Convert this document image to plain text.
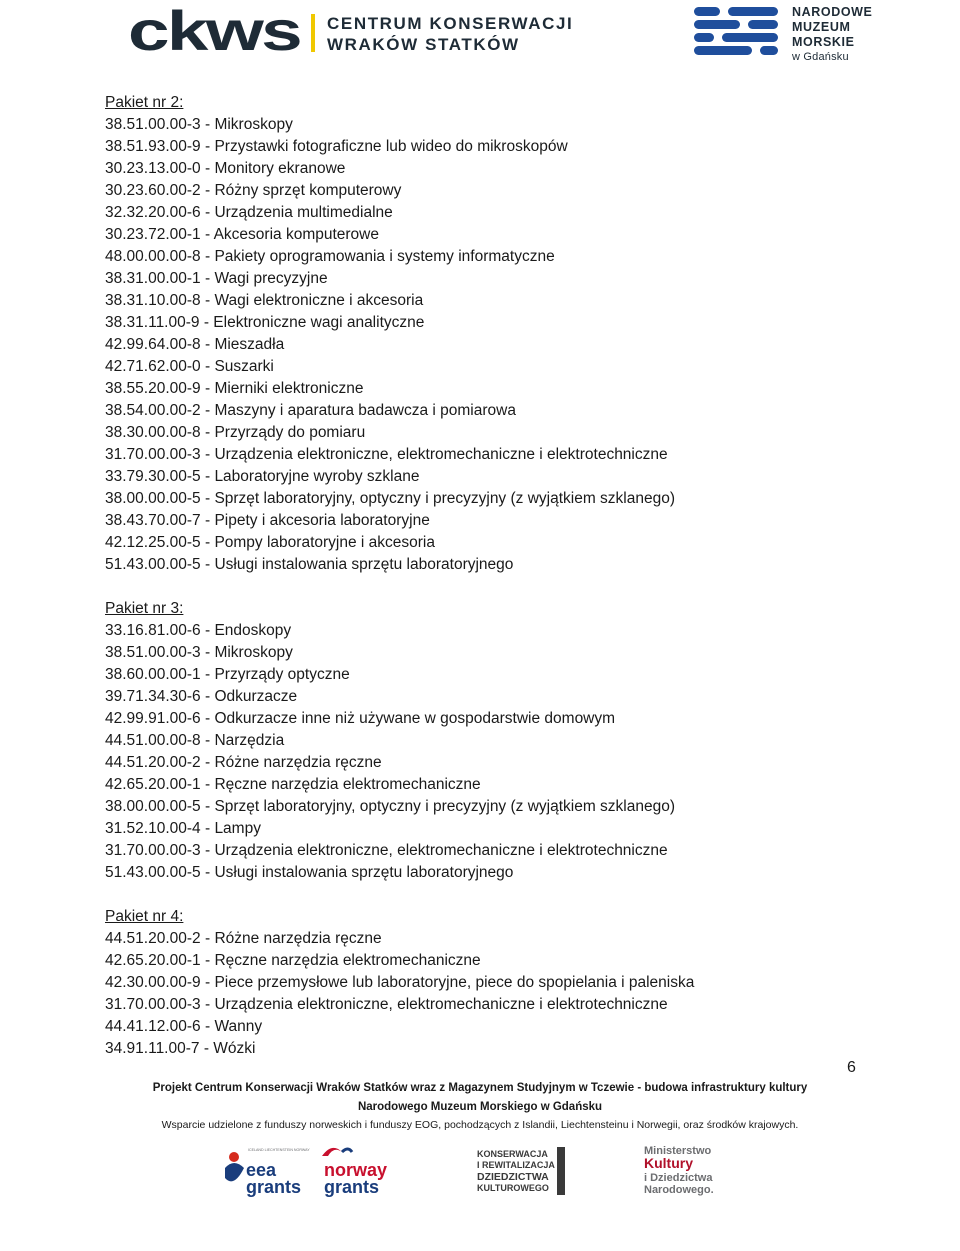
ckws CENTRUM KONSERWACJI
WRAKÓW STATKÓW
NARODOWE
MUZEUM
MORSKIE
w Gdańsku
Pakiet nr 2:
38.51.00.00-3 - Mikroskopy
38.51.93.00-9 - Przystawki fotograficzne lub wideo do mikroskopów
30.23.13.00-0 - Monitory ekranowe
30.23.60.00-2 - Różny sprzęt komputerowy
32.32.20.00-6 - Urządzenia multimedialne
30.23.72.00-1 - Akcesoria komputerowe
48.00.00.00-8 - Pakiety oprogramowania i systemy informatyczne
38.31.00.00-1 - Wagi precyzyjne
38.31.10.00-8 - Wagi elektroniczne i akcesoria
38.31.11.00-9 - Elektroniczne wagi analityczne
42.99.64.00-8 - Mieszadła
42.71.62.00-0 - Suszarki
38.55.20.00-9 - Mierniki elektroniczne
38.54.00.00-2 - Maszyny i aparatura badawcza i pomiarowa
38.30.00.00-8 - Przyrządy do pomiaru
31.70.00.00-3 - Urządzenia elektroniczne, elektromechaniczne i elektrotechniczne
33.79.30.00-5 - Laboratoryjne wyroby szklane
38.00.00.00-5 - Sprzęt laboratoryjny, optyczny i precyzyjny (z wyjątkiem szklanego)
38.43.70.00-7 - Pipety i akcesoria laboratoryjne
42.12.25.00-5 - Pompy laboratoryjne i akcesoria
51.43.00.00-5 - Usługi instalowania sprzętu laboratoryjnego
Pakiet nr 3:
33.16.81.00-6 - Endoskopy
38.51.00.00-3 - Mikroskopy
38.60.00.00-1 - Przyrządy optyczne
39.71.34.30-6 - Odkurzacze
42.99.91.00-6 - Odkurzacze inne niż używane w gospodarstwie domowym
44.51.00.00-8 - Narzędzia
44.51.20.00-2 - Różne narzędzia ręczne
42.65.20.00-1 - Ręczne narzędzia elektromechaniczne
38.00.00.00-5 - Sprzęt laboratoryjny, optyczny i precyzyjny (z wyjątkiem szklanego)
31.52.10.00-4 - Lampy
31.70.00.00-3 - Urządzenia elektroniczne, elektromechaniczne i elektrotechniczne
51.43.00.00-5 - Usługi instalowania sprzętu laboratoryjnego
Pakiet nr 4:
44.51.20.00-2 - Różne narzędzia ręczne
42.65.20.00-1 - Ręczne narzędzia elektromechaniczne
42.30.00.00-9 - Piece przemysłowe lub laboratoryjne, piece do spopielania i paleniska
31.70.00.00-3 - Urządzenia elektroniczne, elektromechaniczne i elektrotechniczne
44.41.12.00-6 - Wanny
34.91.11.00-7 - Wózki
6
Projekt Centrum Konserwacji Wraków Statków wraz z Magazynem Studyjnym w Tczewie - budowa infrastruktury kultury
Narodowego Muzeum Morskiego w Gdańsku
Wsparcie udzielone z funduszy norweskich i funduszy EOG, pochodzących z Islandii, Liechtensteinu i Norwegii, oraz środków krajowych.
ICELAND LIECHTENSTEIN NORWAY
eea
grants
norway
grants
KONSERWACJA
I REWITALIZACJA
DZIEDZICTWA
KULTUROWEGO
Ministerstwo
Kultury
i Dziedzictwa
Narodowego.
